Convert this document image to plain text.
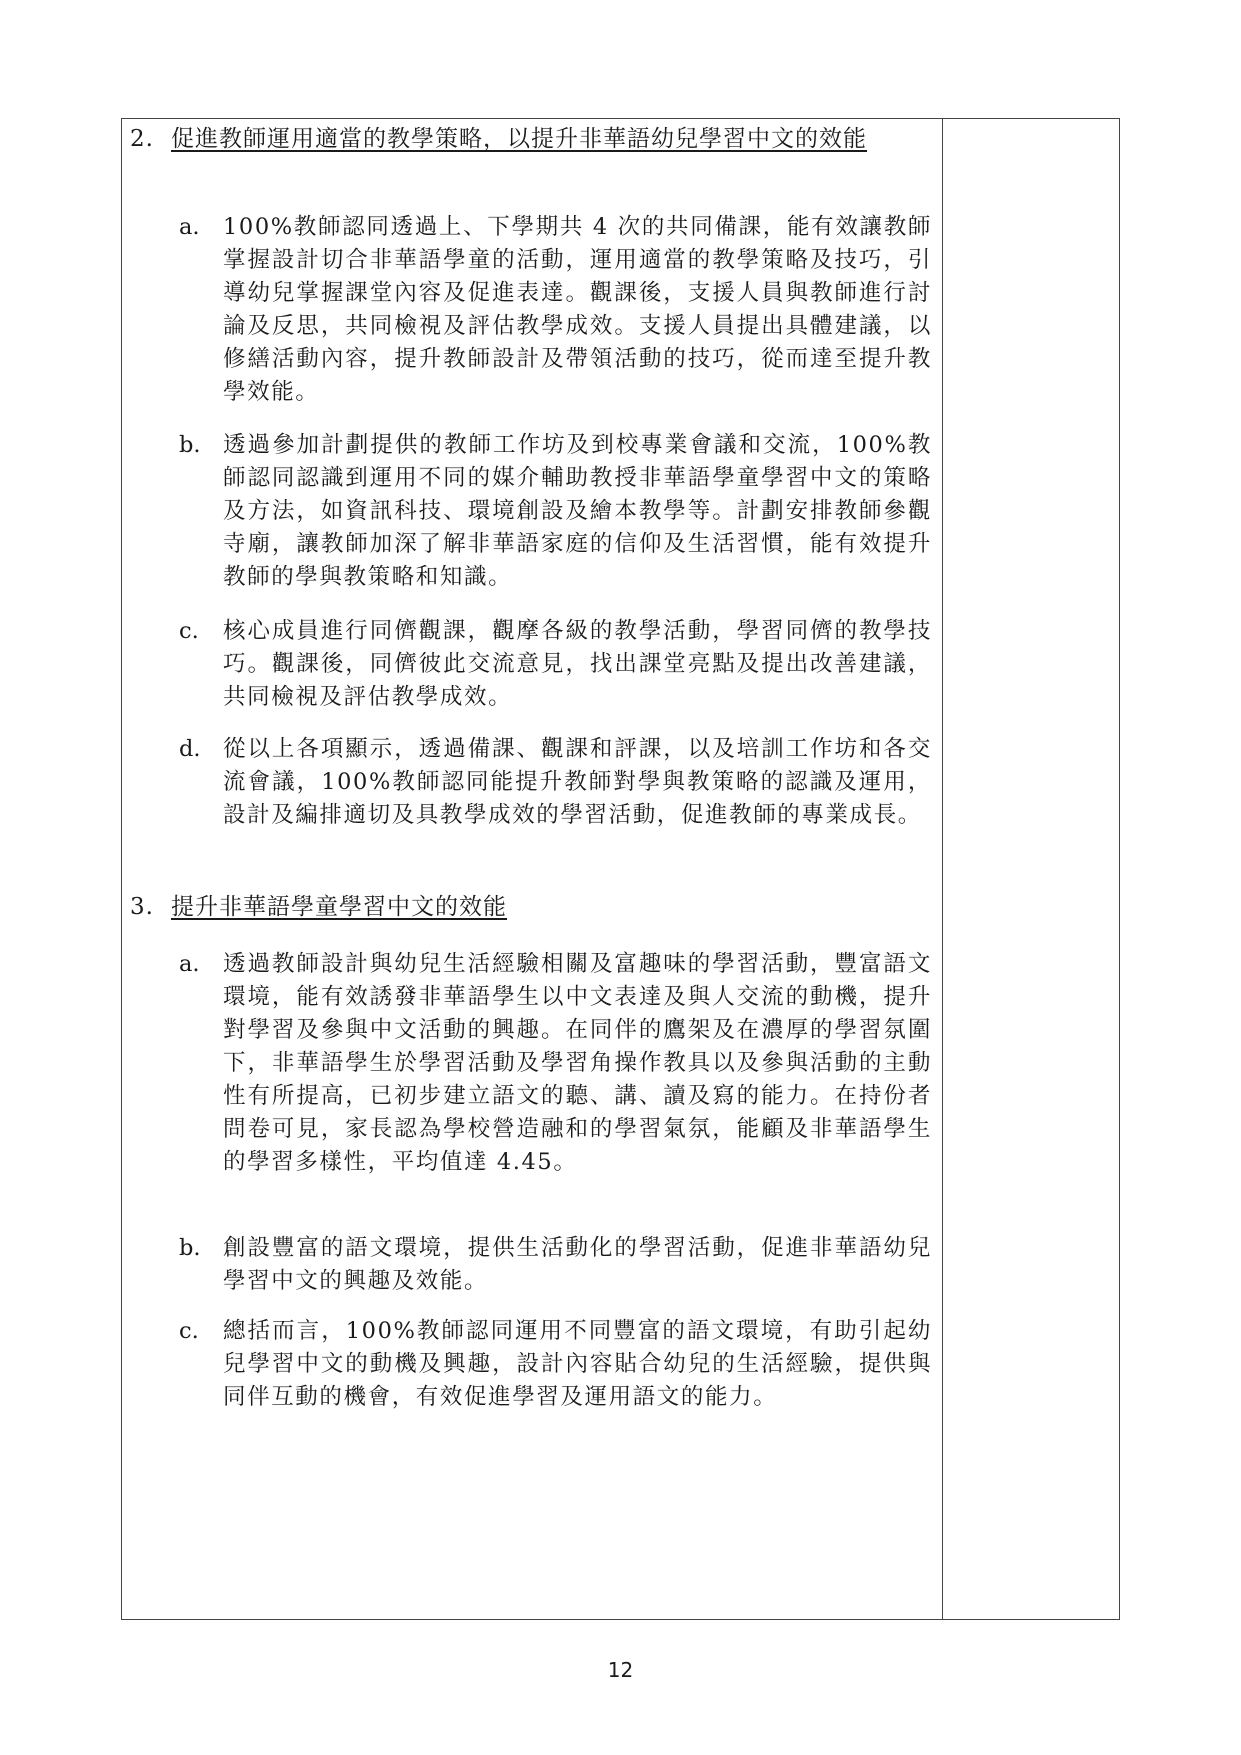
2. 促進教師運用適當的教學策略，以提升非華語幼兒學習中文的效能
a.	100%教師認同透過上、下學期共 4 次的共同備課，能有效讓教師掌握設計切合非華語學童的活動，運用適當的教學策略及技巧，引導幼兒掌握課堂內容及促進表達。觀課後，支援人員與教師進行討論及反思，共同檢視及評估教學成效。支援人員提出具體建議，以修繕活動內容，提升教師設計及帶領活動的技巧，從而達至提升教學效能。
b. 透過參加計劃提供的教師工作坊及到校專業會議和交流，100%教師認同認識到運用不同的媒介輔助教授非華語學童學習中文的策略及方法，如資訊科技、環境創設及繪本教學等。計劃安排教師參觀寺廟，讓教師加深了解非華語家庭的信仰及生活習慣，能有效提升教師的學與教策略和知識。
c.	核心成員進行同儕觀課，觀摩各級的教學活動，學習同儕的教學技巧。觀課後，同儕彼此交流意見，找出課堂亮點及提出改善建議，共同檢視及評估教學成效。
d. 從以上各項顯示，透過備課、觀課和評課，以及培訓工作坊和各交流會議，100%教師認同能提升教師對學與教策略的認識及運用，設計及編排適切及具教學成效的學習活動，促進教師的專業成長。
3. 提升非華語學童學習中文的效能
a.	透過教師設計與幼兒生活經驗相關及富趣味的學習活動，豐富語文環境，能有效誘發非華語學生以中文表達及與人交流的動機，提升對學習及參與中文活動的興趣。在同伴的鷹架及在濃厚的學習氛圍下，非華語學生於學習活動及學習角操作教具以及參與活動的主動性有所提高，已初步建立語文的聽、講、讀及寫的能力。在持份者問卷可見，家長認為學校營造融和的學習氣氛，能顧及非華語學生的學習多樣性，平均值達 4.45。
b. 創設豐富的語文環境，提供生活動化的學習活動，促進非華語幼兒學習中文的興趣及效能。
c.	總括而言，100%教師認同運用不同豐富的語文環境，有助引起幼兒學習中文的動機及興趣，設計內容貼合幼兒的生活經驗，提供與同伴互動的機會，有效促進學習及運用語文的能力。
12
